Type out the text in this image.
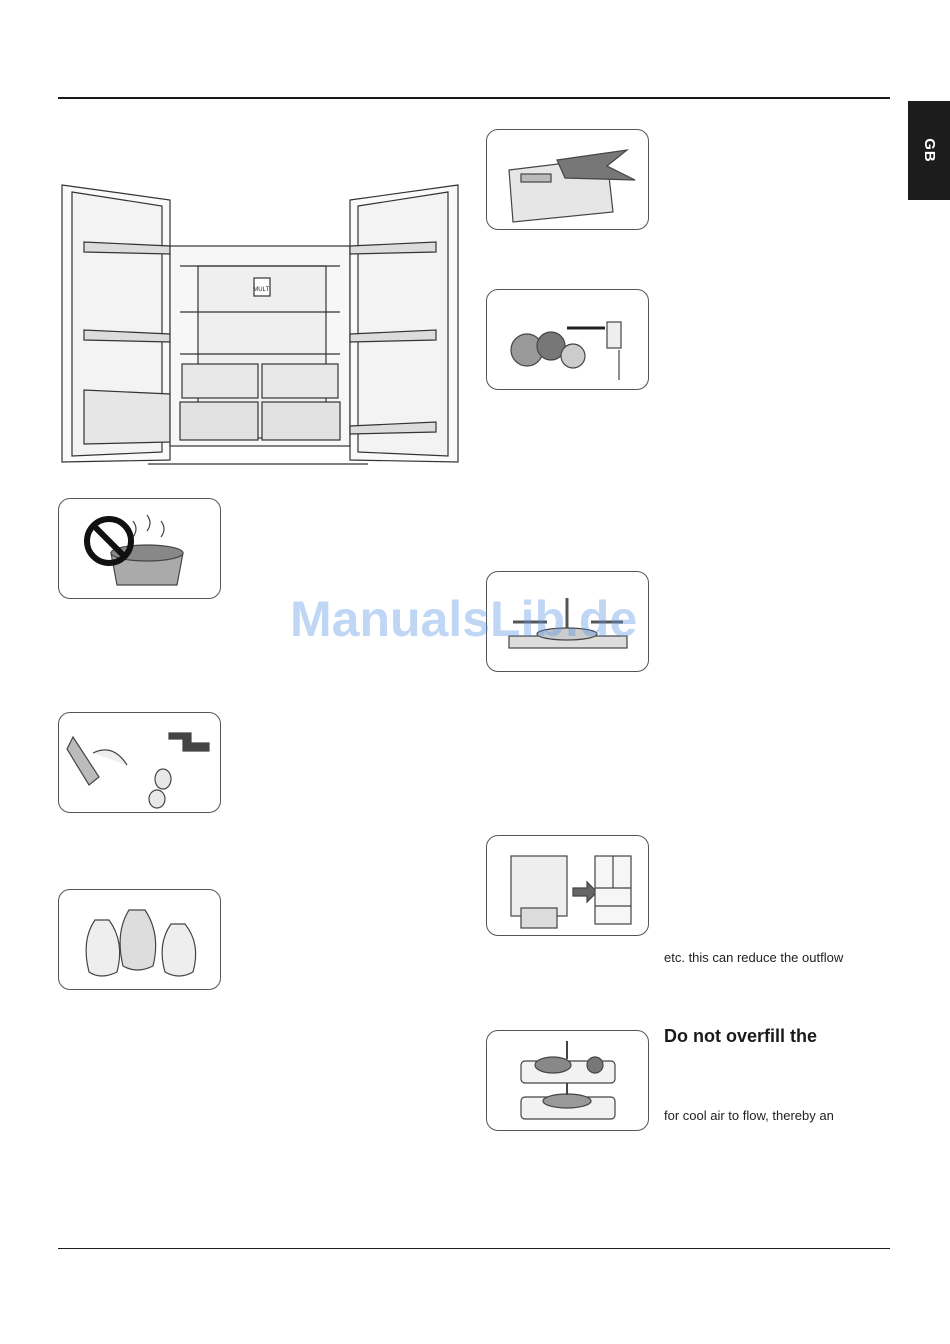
GB
MULTI
etc. this can reduce the outflow
Do not overfill the
for cool air to flow, thereby an
ManualsLib.de
